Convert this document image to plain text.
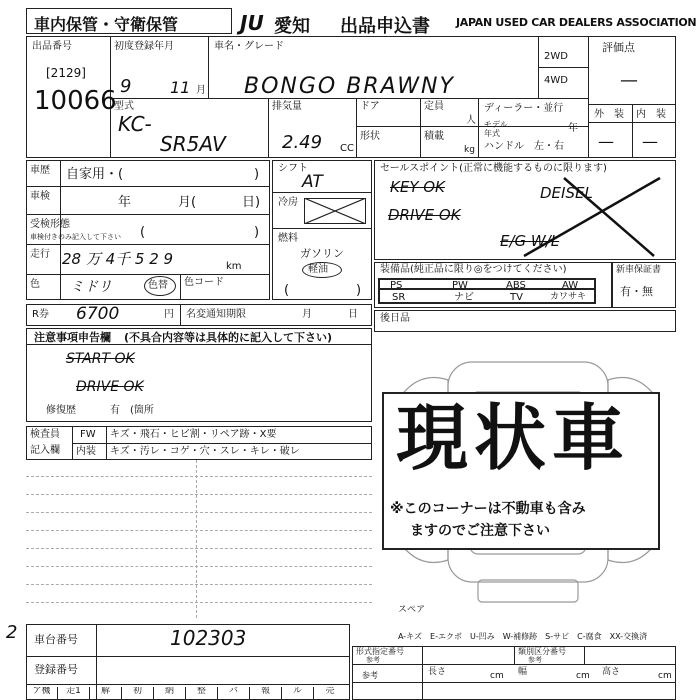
車内保管・守衛保管	JU 愛知 出品申込書 JAPAN USED CAR DEALERS ASSOCIATION
出品番号
[2129]
10066
初度登録年月
9 11 月
車名・グレード
BONGO BRAWNY
2WD
4WD
評価点
—
外　装 内　装
— —
型式
KC-
SR5AV
排気量
2.49 CC
ドア	定員
人
形状	積載
kg
ディーラー・並行
モデル年式	年
ハンドル　左・右
車歴 自家用・(	)
車検	年	月(	日)
受検形態
車検付きのみ記入して下さい (	)
走行 28 万 4千 5 2 9	km
色 ミドリ	色替 色コード
シフト
AT
冷房
燃料
ガソリン
軽油
(	)
セールスポイント(正常に機能するものに限ります)
KEY OK	DEISEL
DRIVE OK
E/G W/L
装備品(純正品に限り◎をつけてください)
PS	PW	ABS	AW
SR	ナビ	TV	カワサキ
新車保証書
有・無
R券 6700	円 名変通知期限	月	日 後日品
注意事項申告欄 (不具合内容等は具体的に記入して下さい)
START OK
DRIVE OK
修復歴	有 (箇所
検査員
記入欄
FW キズ・飛石・ヒビ割・リペア跡・X要
内装 キズ・汚レ・コゲ・穴・スレ・キレ・破レ
スペア
A-キズ　E-エクボ　U-凹み　W-補修跡　S-サビ　C-腐食　XX-交換済
現状車
※このコーナーは不動車も含み
ますのでご注意下さい
2 車台番号	102303
登録番号
ア機	走1	解	初	納	整	バ	報	ル	売
形式指定番号
参考
類別区分番号
参考
長さ	cm 幅	cm 高さ	cm
参考
